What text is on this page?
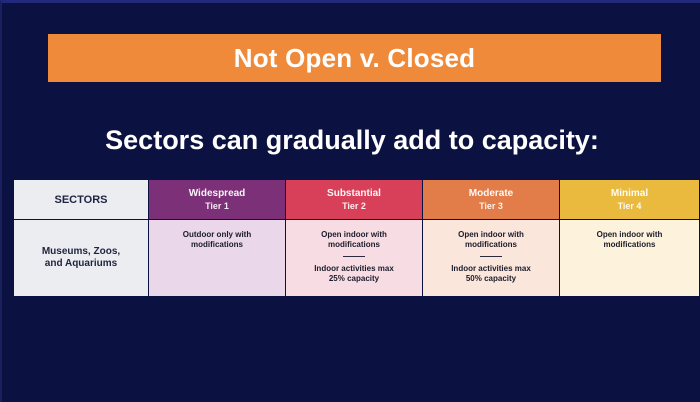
Not Open v. Closed
Sectors can gradually add to capacity:
SECTORS
Widespread
Tier 1
Substantial
Tier 2
Moderate
Tier 3
Minimal
Tier 4
Museums, Zoos,
and Aquariums
Outdoor only with
modifications
Open indoor with
modifications
Indoor activities max
25% capacity
Open indoor with
modifications
Indoor activities max
50% capacity
Open indoor with
modifications
